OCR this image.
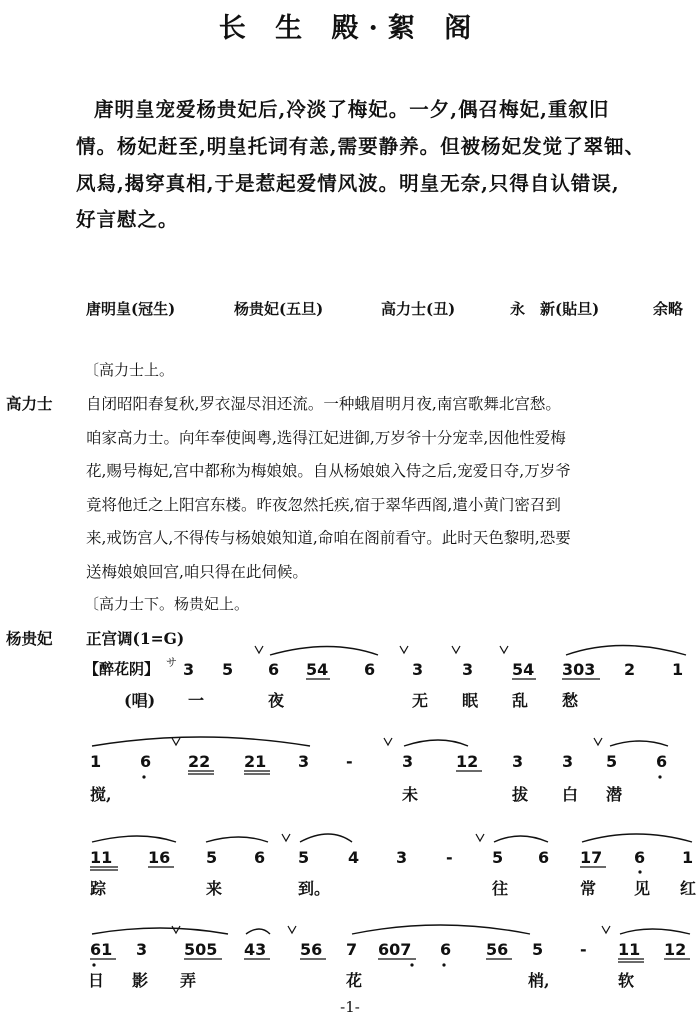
长 生 殿·絮 阁
唐明皇宠爱杨贵妃后,冷淡了梅妃。一夕,偶召梅妃,重叙旧
情。杨妃赶至,明皇托词有恙,需要静养。但被杨妃发觉了翠钿、
凤舄,揭穿真相,于是惹起爱情风波。明皇无奈,只得自认错误,
好言慰之。
唐明皇(冠生)	杨贵妃(五旦)	高力士(丑)	永　新(貼旦)	余略
〔高力士上。
高力士 自闭昭阳春复秋,罗衣湿尽泪还流。一种蛾眉明月夜,南宫歌舞北宫愁。
咱家高力士。向年奉使闽粤,选得江妃进御,万岁爷十分宠幸,因他性爱梅
花,赐号梅妃,宫中都称为梅娘娘。自从杨娘娘入侍之后,宠爱日夺,万岁爷
竟将他迁之上阳宫东楼。昨夜忽然托疾,宿于翠华西阁,遣小黄门密召到
来,戒饬宫人,不得传与杨娘娘知道,命咱在阁前看守。此时天色黎明,恐要
送梅娘娘回宫,咱只得在此伺候。
〔高力士下。杨贵妃上。
杨贵妃 正宫调(1=G)
【醉花阴】 サ
(唱)
3 5 6 54 6 3 3 54 303 2 1
一	夜	无 眠 乱 愁
1 6 22 21 3 -	3	12 3 3 5 6
搅,	未	拔 白 潜
11 16 5 6 5 4 3 - 5 6 17 6 1
踪	来	到。	往	常 见 红
61 3 505 43 56 7 607 6 56 5 - 11 12
日 影 弄	花	梢,	软
-1-
